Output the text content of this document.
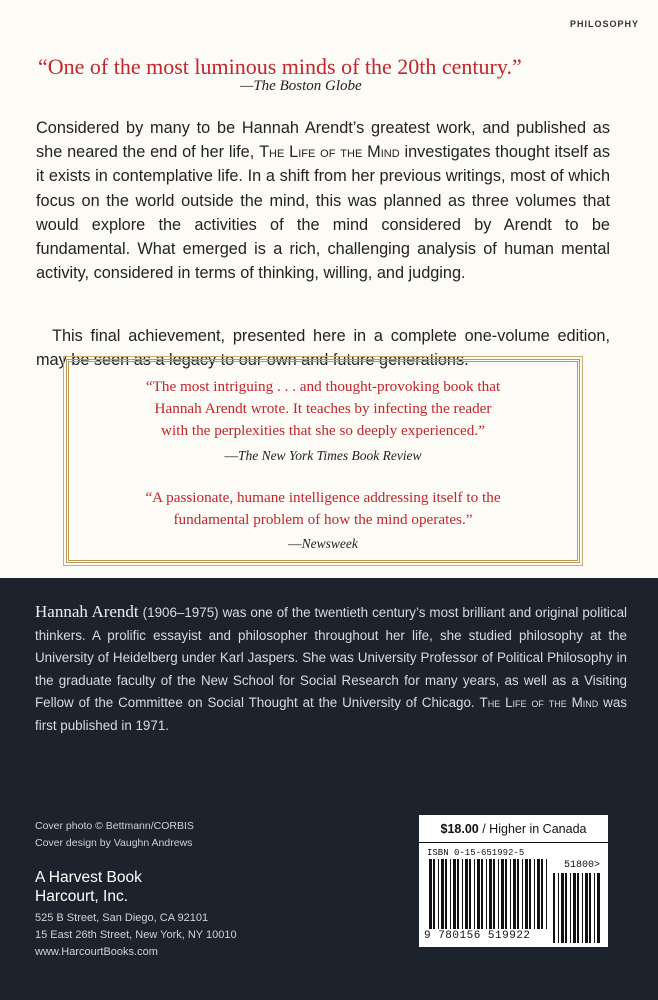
PHILOSOPHY
“One of the most luminous minds of the 20th century.”
—The Boston Globe

Considered by many to be Hannah Arendt’s greatest work, and published as she neared the end of her life, The Life of the Mind investigates thought itself as it exists in contemplative life. In a shift from her previous writings, most of which focus on the world outside the mind, this was planned as three volumes that would explore the activities of the mind considered by Arendt to be fundamental. What emerged is a rich, challenging analysis of human mental activity, considered in terms of thinking, willing, and judging.

This final achievement, presented here in a complete one-volume edition, may be seen as a legacy to our own and future generations.

“The most intriguing . . . and thought-provoking book that
Hannah Arendt wrote. It teaches by infecting the reader
with the perplexities that she so deeply experienced.”
—The New York Times Book Review
“A passionate, humane intelligence addressing itself to the
fundamental problem of how the mind operates.”
—Newsweek

Hannah Arendt (1906–1975) was one of the twentieth century’s most brilliant and original political thinkers. A prolific essayist and philosopher throughout her life, she studied philosophy at the University of Heidelberg under Karl Jaspers. She was University Professor of Political Philosophy in the graduate faculty of the New School for Social Research for many years, as well as a Visiting Fellow of the Committee on Social Thought at the University of Chicago. The Life of the Mind was first published in 1971.

Cover photo © Bettmann/CORBIS
Cover design by Vaughn Andrews
A Harvest Book
Harcourt, Inc.
525 B Street, San Diego, CA 92101
15 East 26th Street, New York, NY 10010
www.HarcourtBooks.com
$18.00 / Higher in Canada
ISBN 0-15-651992-5
51800>
9 780156 519922
